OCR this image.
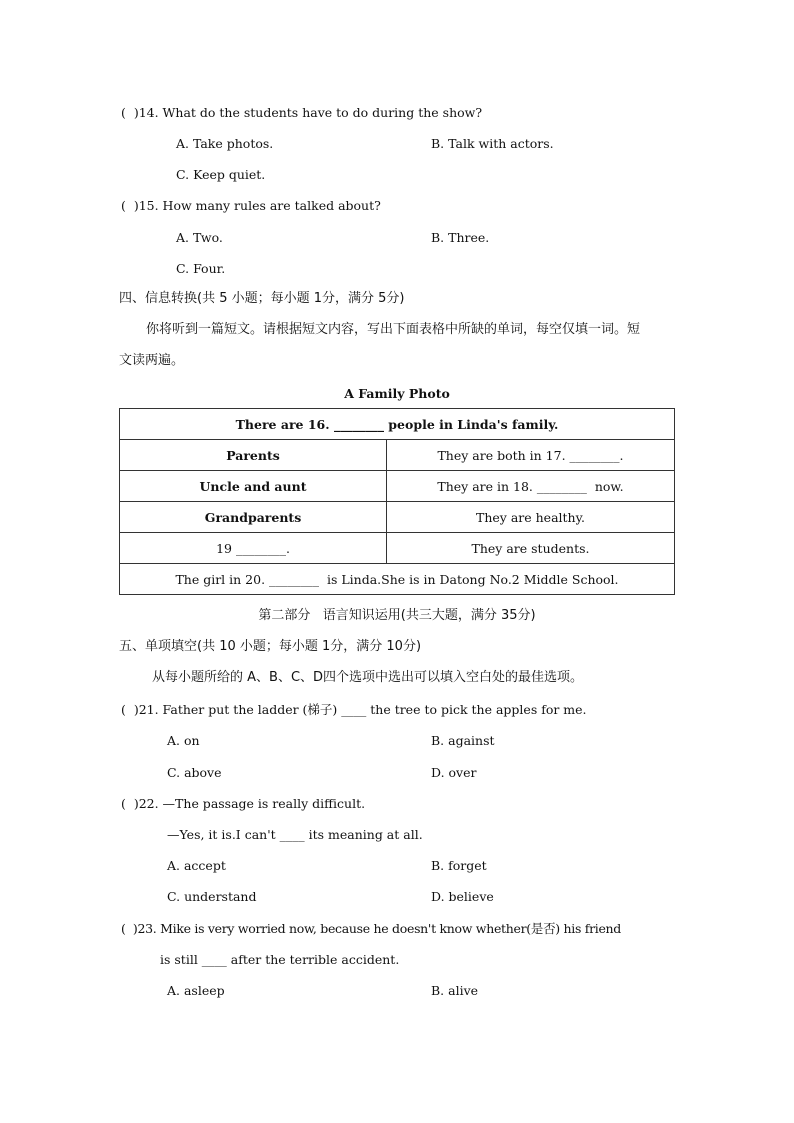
(  )14. What do the students have to do during the show?
A. Take photos.	B. Talk with actors.
C. Keep quiet.
(  )15. How many rules are talked about?
A. Two.	B. Three.
C. Four.
四、信息转换(共 5 小题；每小题 1分，满分 5分)
你将听到一篇短文。请根据短文内容，写出下面表格中所缺的单词，每空仅填一词。短
文读两遍。
A Family Photo
There are 16. ________ people in Linda's family.	
Parents	They are both in 17. ________.
Uncle and aunt	They are in 18. ________  now.
Grandparents	They are healthy.
19 ________.	They are students.
The girl in 20. ________  is Linda.She is in Datong No.2 Middle School.	
第二部分   语言知识运用(共三大题，满分 35分)
五、单项填空(共 10 小题；每小题 1分，满分 10分)
从每小题所给的 A、B、C、D四个选项中选出可以填入空白处的最佳选项。
(  )21. Father put the ladder (梯子) ____ the tree to pick the apples for me.
A. on	B. against
C. above	D. over
(  )22. —The passage is really difficult.
—Yes, it is.I can't ____ its meaning at all.
A. accept	B. forget
C. understand	D. believe
(  )23. Mike is very worried now, because he doesn't know whether(是否) his friend
is still ____ after the terrible accident.
A. asleep	B. alive
